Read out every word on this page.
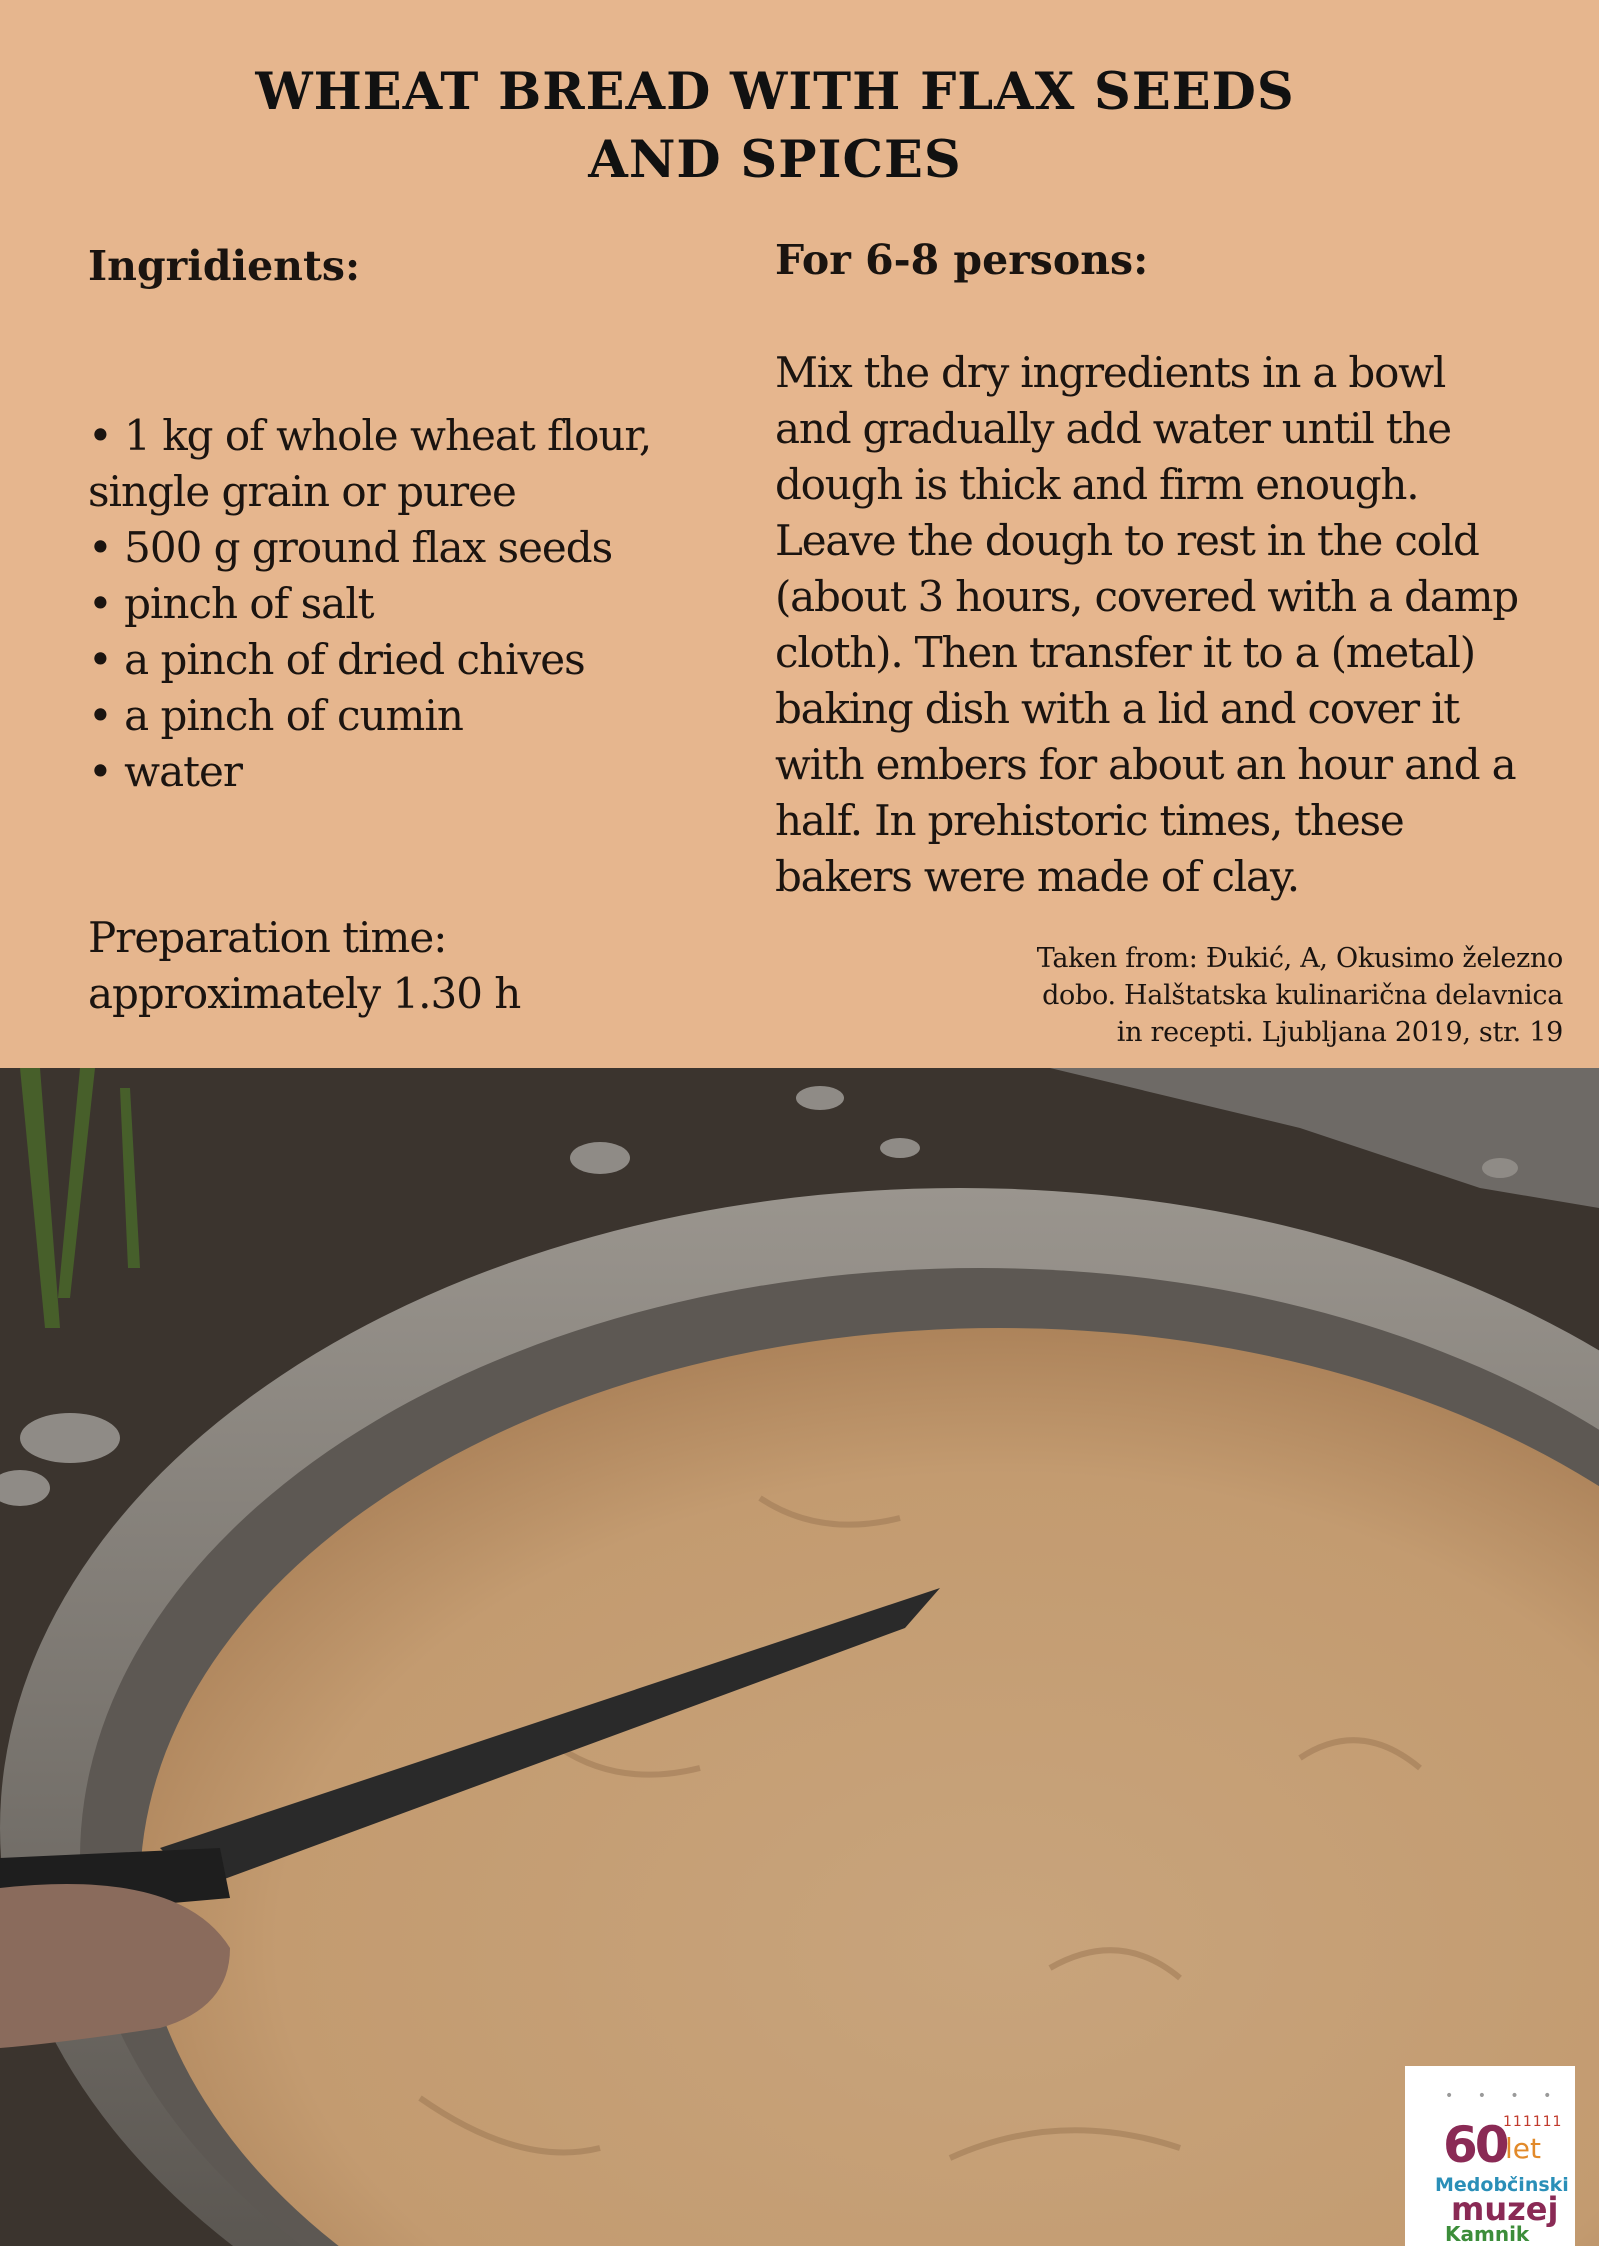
WHEAT BREAD WITH FLAX SEEDS
AND SPICES
Ingridients:	For 6-8 persons:
• 1 kg of whole wheat flour,
single grain or puree
• 500 g ground flax seeds
• pinch of salt
• a pinch of dried chives
• a pinch of cumin
• water
Preparation time:
approximately 1.30 h
Mix the dry ingredients in a bowl
and gradually add water until the
dough is thick and firm enough.
Leave the dough to rest in the cold
(about 3 hours, covered with a damp
cloth). Then transfer it to a (metal)
baking dish with a lid and cover it
with embers for about an hour and a
half. In prehistoric times, these
bakers were made of clay.
Taken from: Đukić, A, Okusimo železno
dobo. Halštatska kulinarična delavnica
in recepti. Ljubljana 2019, str. 19
• • • •
111111
60
let
Medobčinski
muzej
Kamnik
